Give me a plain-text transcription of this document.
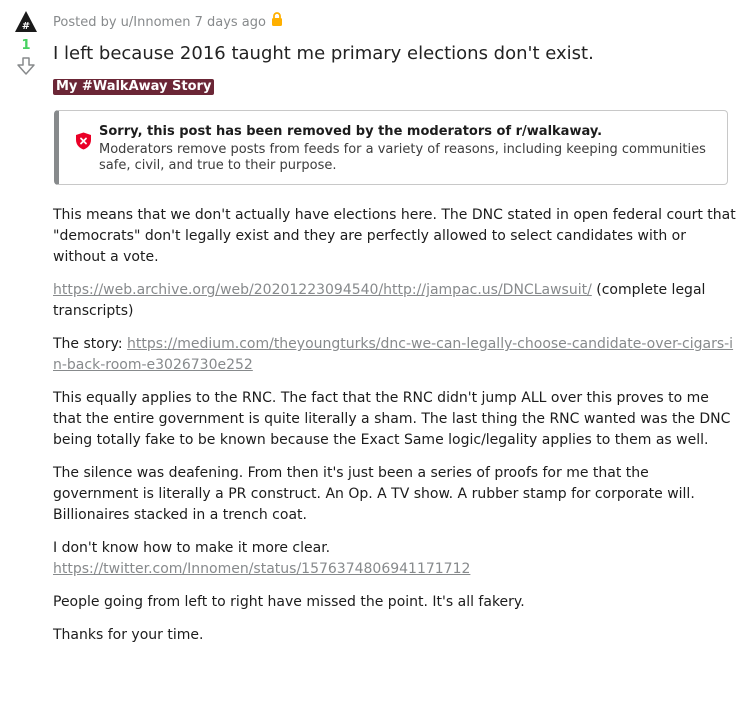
#
1
Posted by u/Innomen 7 days ago
I left because 2016 taught me primary elections don't exist.
My #WalkAway Story
Sorry, this post has been removed by the moderators of r/walkaway.
Moderators remove posts from feeds for a variety of reasons, including keeping communities safe, civil, and true to their purpose.

This means that we don't actually have elections here. The DNC stated in open federal court that "democrats" don't legally exist and they are perfectly allowed to select candidates with or without a vote.

https://web.archive.org/web/20201223094540/http://jampac.us/DNCLawsuit/ (complete legal transcripts)

The story: https://medium.com/theyoungturks/dnc-we-can-legally-choose-candidate-over-cigars-in-back-room-e3026730e252

This equally applies to the RNC. The fact that the RNC didn't jump ALL over this proves to me that the entire government is quite literally a sham. The last thing the RNC wanted was the DNC being totally fake to be known because the Exact Same logic/legality applies to them as well.

The silence was deafening. From then it's just been a series of proofs for me that the government is literally a PR construct. An Op. A TV show. A rubber stamp for corporate will. Billionaires stacked in a trench coat.

I don't know how to make it more clear.
https://twitter.com/Innomen/status/1576374806941171712

People going from left to right have missed the point. It's all fakery.

Thanks for your time.
